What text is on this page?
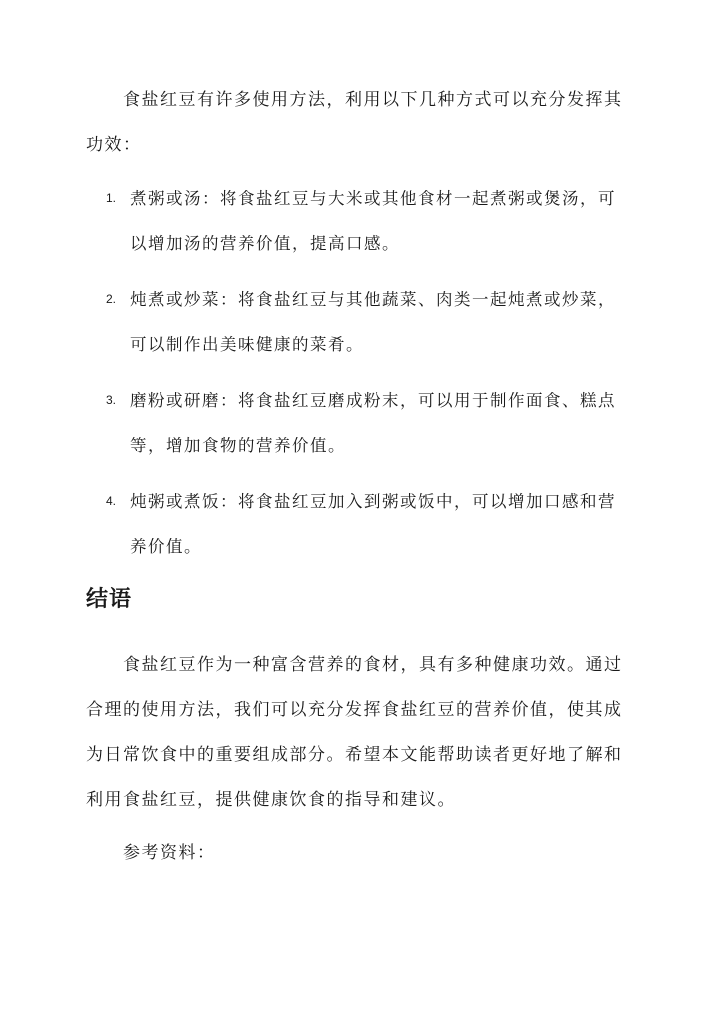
食盐红豆有许多使用方法，利用以下几种方式可以充分发挥其功效：

1. 煮粥或汤：将食盐红豆与大米或其他食材一起煮粥或煲汤，可以增加汤的营养价值，提高口感。
2. 炖煮或炒菜：将食盐红豆与其他蔬菜、肉类一起炖煮或炒菜，可以制作出美味健康的菜肴。
3. 磨粉或研磨：将食盐红豆磨成粉末，可以用于制作面食、糕点等，增加食物的营养价值。
4. 炖粥或煮饭：将食盐红豆加入到粥或饭中，可以增加口感和营养价值。
结语

食盐红豆作为一种富含营养的食材，具有多种健康功效。通过合理的使用方法，我们可以充分发挥食盐红豆的营养价值，使其成为日常饮食中的重要组成部分。希望本文能帮助读者更好地了解和利用食盐红豆，提供健康饮食的指导和建议。

参考资料：
